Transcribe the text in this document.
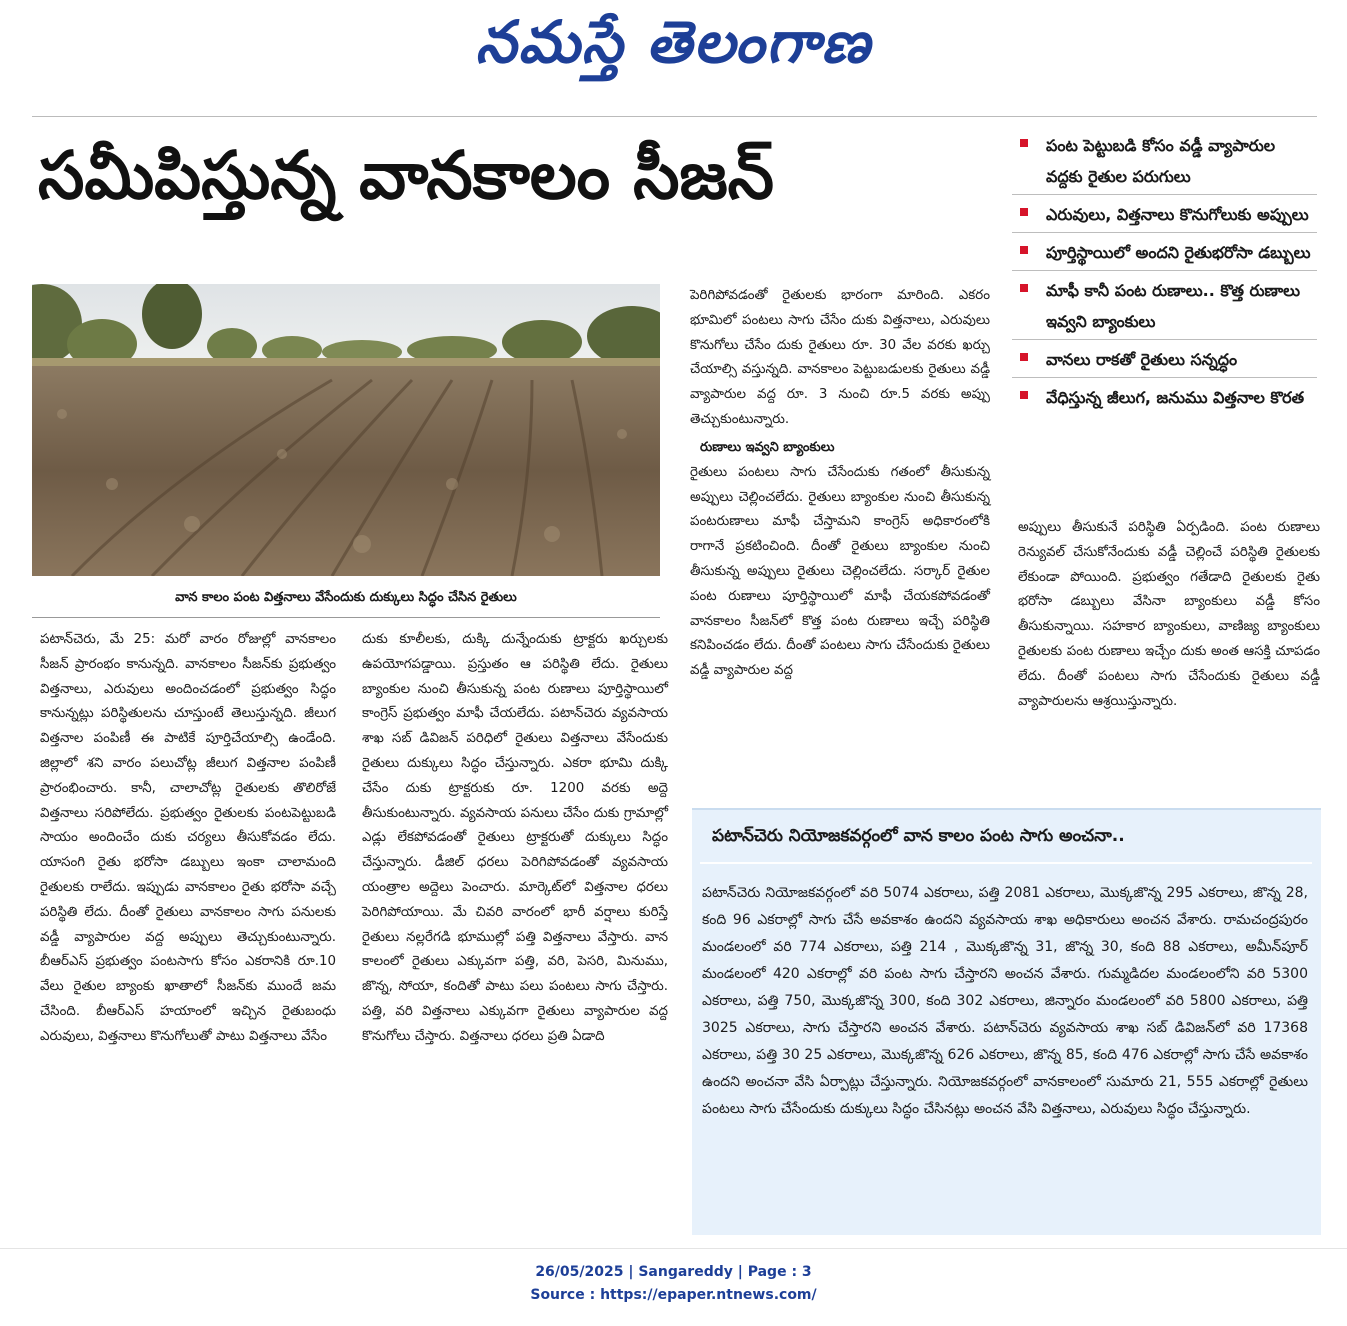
నమస్తే తెలంగాణ
సమీపిస్తున్న వానకాలం సీజన్
వాన కాలం పంట విత్తనాలు వేసేందుకు దుక్కులు సిద్ధం చేసిన రైతులు
పటాన్‌చెరు, మే 25: మరో వారం రోజుల్లో వానకాలం సీజన్ ప్రారంభం కానున్నది. వానకాలం సీజన్‌కు ప్రభుత్వం విత్తనాలు, ఎరువులు అందించడంలో ప్రభుత్వం సిద్ధం కానున్నట్లు పరిస్థితులను చూస్తుంటే తెలుస్తున్నది. జీలుగ విత్తనాల పంపిణీ ఈ పాటికే పూర్తిచేయాల్సి ఉండేంది. జిల్లాలో శని వారం పలుచోట్ల జీలుగ విత్తనాల పంపిణీ ప్రారంభించారు. కానీ, చాలాచోట్ల రైతులకు తొలిరోజే విత్తనాలు సరిపోలేదు. ప్రభుత్వం రైతులకు పంటపెట్టుబడి సాయం అందించేం దుకు చర్యలు తీసుకోవడం లేదు. యాసంగి రైతు భరోసా డబ్బులు ఇంకా చాలామంది రైతులకు రాలేదు. ఇప్పుడు వానకాలం రైతు భరోసా వచ్చే పరిస్థితి లేదు. దీంతో రైతులు వానకాలం సాగు పనులకు వడ్డీ వ్యాపారుల వద్ద అప్పులు తెచ్చుకుంటున్నారు. బీఆర్‌ఎస్ ప్రభుత్వం పంటసాగు కోసం ఎకరానికి రూ.10 వేలు రైతుల బ్యాంకు ఖాతాలో సీజన్‌కు ముందే జమ చేసింది. బీఆర్‌ఎస్ హయాంలో ఇచ్చిన రైతుబంధు ఎరువులు, విత్తనాలు కొనుగోలుతో పాటు విత్తనాలు వేసేం
దుకు కూలీలకు, దుక్కి దున్నేందుకు ట్రాక్టరు ఖర్చులకు ఉపయోగపడ్డాయి. ప్రస్తుతం ఆ పరిస్థితి లేదు. రైతులు బ్యాంకుల నుంచి తీసుకున్న పంట రుణాలు పూర్తిస్థాయిలో కాంగ్రెస్ ప్రభుత్వం మాఫీ చేయలేదు. పటాన్‌చెరు వ్యవసాయ శాఖ సబ్ డివిజన్ పరిధిలో రైతులు విత్తనాలు వేసేందుకు రైతులు దుక్కులు సిద్ధం చేస్తున్నారు. ఎకరా భూమి దుక్కి చేసేం దుకు ట్రాక్టరుకు రూ. 1200 వరకు అద్దె తీసుకుంటున్నారు. వ్యవసాయ పనులు చేసేం దుకు గ్రామాల్లో ఎడ్లు లేకపోవడంతో రైతులు ట్రాక్టరుతో దుక్కులు సిద్ధం చేస్తున్నారు. డీజిల్ ధరలు పెరిగిపోవడంతో వ్యవసాయ యంత్రాల అద్దెలు పెంచారు. మార్కెట్‌లో విత్తనాల ధరలు పెరిగిపోయాయి. మే చివరి వారంలో భారీ వర్షాలు కురిస్తే రైతులు నల్లరేగడి భూముల్లో పత్తి విత్తనాలు వేస్తారు. వాన కాలంలో రైతులు ఎక్కువగా పత్తి, వరి, పెసరి, మినుము, జొన్న, సోయా, కందితో పాటు పలు పంటలు సాగు చేస్తారు. పత్తి, వరి విత్తనాలు ఎక్కువగా రైతులు వ్యాపారుల వద్ద కొనుగోలు చేస్తారు. విత్తనాలు ధరలు ప్రతి ఏడాది
పెరిగిపోవడంతో రైతులకు భారంగా మారింది. ఎకరం భూమిలో పంటలు సాగు చేసేం దుకు విత్తనాలు, ఎరువులు కొనుగోలు చేసేం దుకు రైతులు రూ. 30 వేల వరకు ఖర్చు చేయాల్సి వస్తున్నది. వానకాలం పెట్టుబడులకు రైతులు వడ్డీ వ్యాపారుల వద్ద రూ. 3 నుంచి రూ.5 వరకు అప్పు తెచ్చుకుంటున్నారు.
రుణాలు ఇవ్వని బ్యాంకులు
రైతులు పంటలు సాగు చేసేందుకు గతంలో తీసుకున్న అప్పులు చెల్లించలేదు. రైతులు బ్యాంకుల నుంచి తీసుకున్న పంటరుణాలు మాఫీ చేస్తామని కాంగ్రెస్ అధికారంలోకి రాగానే ప్రకటించింది. దీంతో రైతులు బ్యాంకుల నుంచి తీసుకున్న అప్పులు రైతులు చెల్లించలేదు. సర్కార్ రైతుల పంట రుణాలు పూర్తిస్థాయిలో మాఫీ చేయకపోవడంతో వానకాలం సీజన్‌లో కొత్త పంట రుణాలు ఇచ్చే పరిస్థితి కనిపించడం లేదు. దీంతో పంటలు సాగు చేసేందుకు రైతులు వడ్డీ వ్యాపారుల వద్ద
అప్పులు తీసుకునే పరిస్థితి ఏర్పడింది. పంట రుణాలు రెన్యువల్ చేసుకోనేందుకు వడ్డీ చెల్లించే పరిస్థితి రైతులకు లేకుండా పోయింది. ప్రభుత్వం గతేడాది రైతులకు రైతు భరోసా డబ్బులు వేసినా బ్యాంకులు వడ్డీ కోసం తీసుకున్నాయి. సహకార బ్యాంకులు, వాణిజ్య బ్యాంకులు రైతులకు పంట రుణాలు ఇచ్చేం దుకు అంత ఆసక్తి చూపడం లేదు. దీంతో పంటలు సాగు చేసేందుకు రైతులు వడ్డీ వ్యాపారులను ఆశ్రయిస్తున్నారు.
పంట పెట్టుబడి కోసం వడ్డీ వ్యాపారుల వద్దకు రైతుల పరుగులు
ఎరువులు, విత్తనాలు కొనుగోలుకు అప్పులు
పూర్తిస్థాయిలో అందని రైతుభరోసా డబ్బులు
మాఫీ కానీ పంట రుణాలు.. కొత్త రుణాలు ఇవ్వని బ్యాంకులు
వానలు రాకతో రైతులు సన్నద్ధం
వేధిస్తున్న జీలుగ, జనుము విత్తనాల కొరత
పటాన్‌చెరు నియోజకవర్గంలో వాన కాలం పంట సాగు అంచనా..
పటాన్‌చెరు నియోజకవర్గంలో వరి 5074 ఎకరాలు, పత్తి 2081 ఎకరాలు, మొక్కజొన్న 295 ఎకరాలు, జొన్న 28, కంది 96 ఎకరాల్లో సాగు చేసే అవకాశం ఉందని వ్యవసాయ శాఖ అధికారులు అంచన వేశారు. రామచంద్రపురం మండలంలో వరి 774 ఎకరాలు, పత్తి 214 , మొక్కజొన్న 31, జొన్న 30, కంది 88 ఎకరాలు, అమీన్‌పూర్ మండలంలో 420 ఎకరాల్లో వరి పంట సాగు చేస్తారని అంచన వేశారు. గుమ్మడిదల మండలంలోని వరి 5300 ఎకరాలు, పత్తి 750, మొక్కజొన్న 300, కంది 302 ఎకరాలు, జిన్నారం మండలంలో వరి 5800 ఎకరాలు, పత్తి 3025 ఎకరాలు, సాగు చేస్తారని అంచన వేశారు. పటాన్‌చెరు వ్యవసాయ శాఖ సబ్ డివిజన్‌లో వరి 17368 ఎకరాలు, పత్తి 30 25 ఎకరాలు, మొక్కజొన్న 626 ఎకరాలు, జొన్న 85, కంది 476 ఎకరాల్లో సాగు చేసే అవకాశం ఉందని అంచనా వేసి ఏర్పాట్లు చేస్తున్నారు. నియోజకవర్గంలో వానకాలంలో సుమారు 21, 555 ఎకరాల్లో రైతులు పంటలు సాగు చేసేందుకు దుక్కులు సిద్ధం చేసినట్లు అంచన వేసి విత్తనాలు, ఎరువులు సిద్ధం చేస్తున్నారు.
26/05/2025 | Sangareddy | Page : 3
Source : https://epaper.ntnews.com/
